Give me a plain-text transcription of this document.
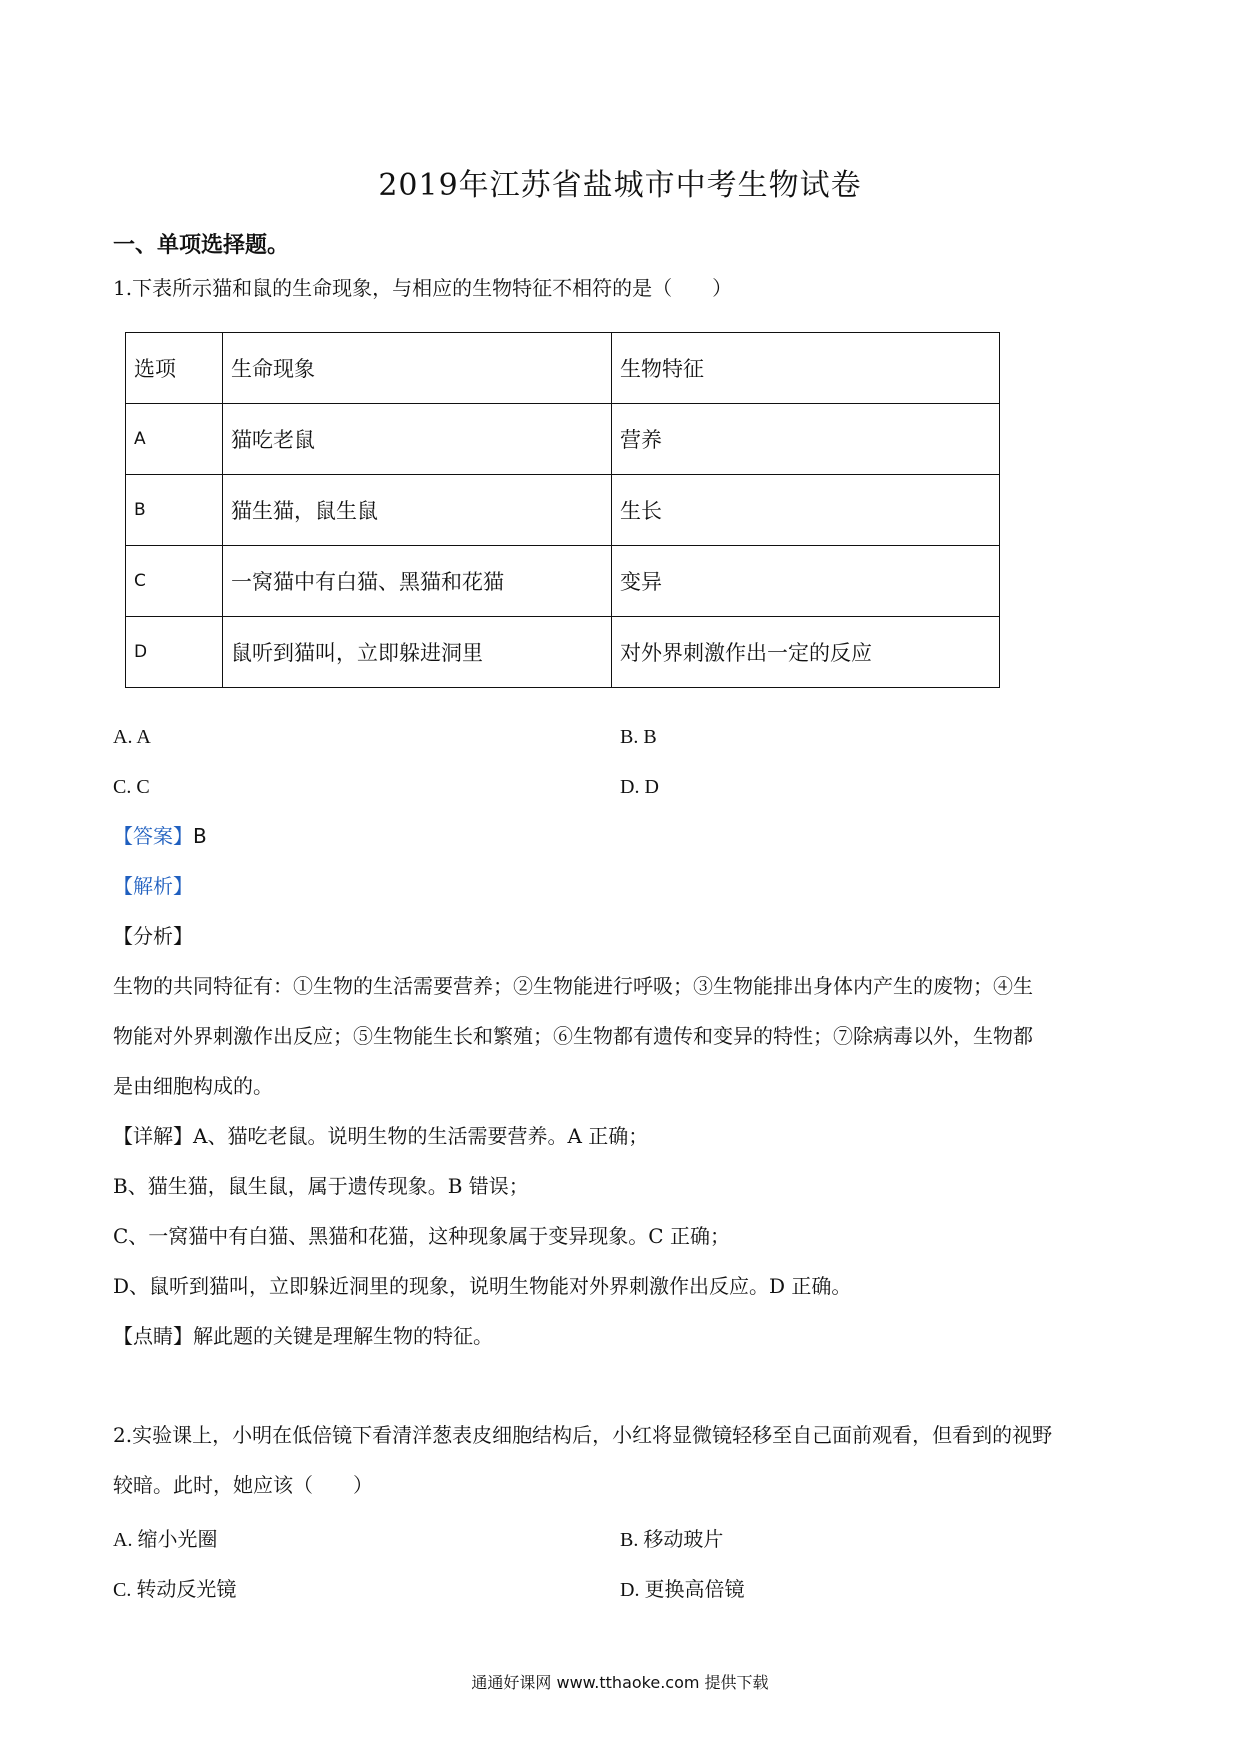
2019年江苏省盐城市中考生物试卷
一、单项选择题。
1.下表所示猫和鼠的生命现象，与相应的生物特征不相符的是（　　）
选项	生命现象	生物特征
A	猫吃老鼠	营养
B	猫生猫，鼠生鼠	生长
C	一窝猫中有白猫、黑猫和花猫	变异
D	鼠听到猫叫，立即躲进洞里	对外界刺激作出一定的反应
A. A	B. B
C. C	D. D
【答案】B
【解析】
【分析】
生物的共同特征有：①生物的生活需要营养；②生物能进行呼吸；③生物能排出身体内产生的废物；④生
物能对外界刺激作出反应；⑤生物能生长和繁殖；⑥生物都有遗传和变异的特性；⑦除病毒以外，生物都
是由细胞构成的。
【详解】A、猫吃老鼠。说明生物的生活需要营养。A 正确；
B、猫生猫，鼠生鼠，属于遗传现象。B 错误；
C、一窝猫中有白猫、黑猫和花猫，这种现象属于变异现象。C 正确；
D、鼠听到猫叫，立即躲近洞里的现象，说明生物能对外界刺激作出反应。D 正确。
【点睛】解此题的关键是理解生物的特征。
2.实验课上，小明在低倍镜下看清洋葱表皮细胞结构后，小红将显微镜轻移至自己面前观看，但看到的视野
较暗。此时，她应该（　　）
A. 缩小光圈	B. 移动玻片
C. 转动反光镜	D. 更换高倍镜
通通好课网 www.tthaoke.com 提供下载
